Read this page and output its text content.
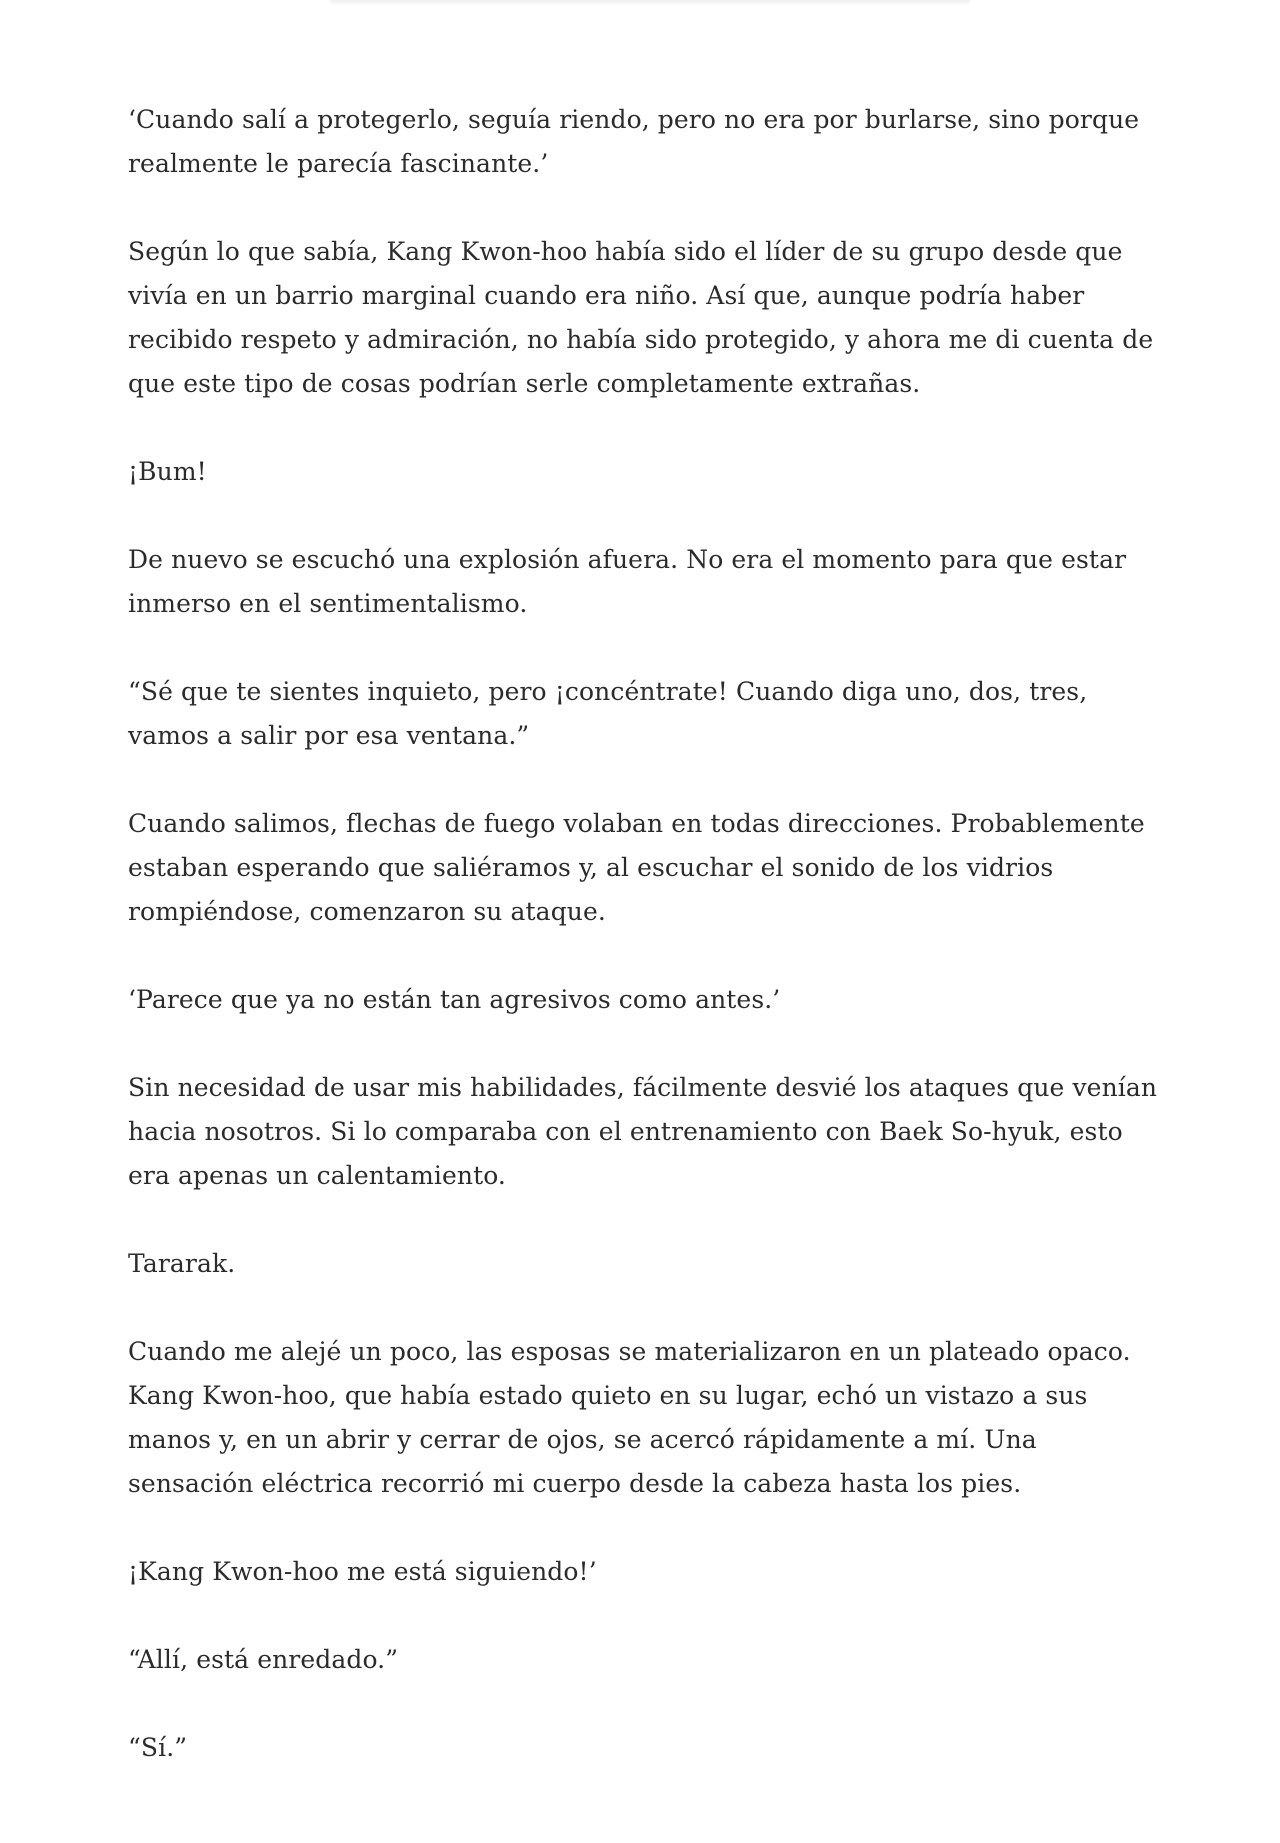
‘Cuando salí a protegerlo, seguía riendo, pero no era por burlarse, sino porque realmente le parecía fascinante.’

Según lo que sabía, Kang Kwon-hoo había sido el líder de su grupo desde que vivía en un barrio marginal cuando era niño. Así que, aunque podría haber recibido respeto y admiración, no había sido protegido, y ahora me di cuenta de que este tipo de cosas podrían serle completamente extrañas.

¡Bum!

De nuevo se escuchó una explosión afuera. No era el momento para que estar inmerso en el sentimentalismo.

“Sé que te sientes inquieto, pero ¡concéntrate! Cuando diga uno, dos, tres, vamos a salir por esa ventana.”

Cuando salimos, flechas de fuego volaban en todas direcciones. Probablemente estaban esperando que saliéramos y, al escuchar el sonido de los vidrios rompiéndose, comenzaron su ataque.

‘Parece que ya no están tan agresivos como antes.’

Sin necesidad de usar mis habilidades, fácilmente desvié los ataques que venían hacia nosotros. Si lo comparaba con el entrenamiento con Baek So-hyuk, esto era apenas un calentamiento.

Tararak.

Cuando me alejé un poco, las esposas se materializaron en un plateado opaco. Kang Kwon-hoo, que había estado quieto en su lugar, echó un vistazo a sus manos y, en un abrir y cerrar de ojos, se acercó rápidamente a mí. Una sensación eléctrica recorrió mi cuerpo desde la cabeza hasta los pies.

¡Kang Kwon-hoo me está siguiendo!’

“Allí, está enredado.”

“Sí.”
